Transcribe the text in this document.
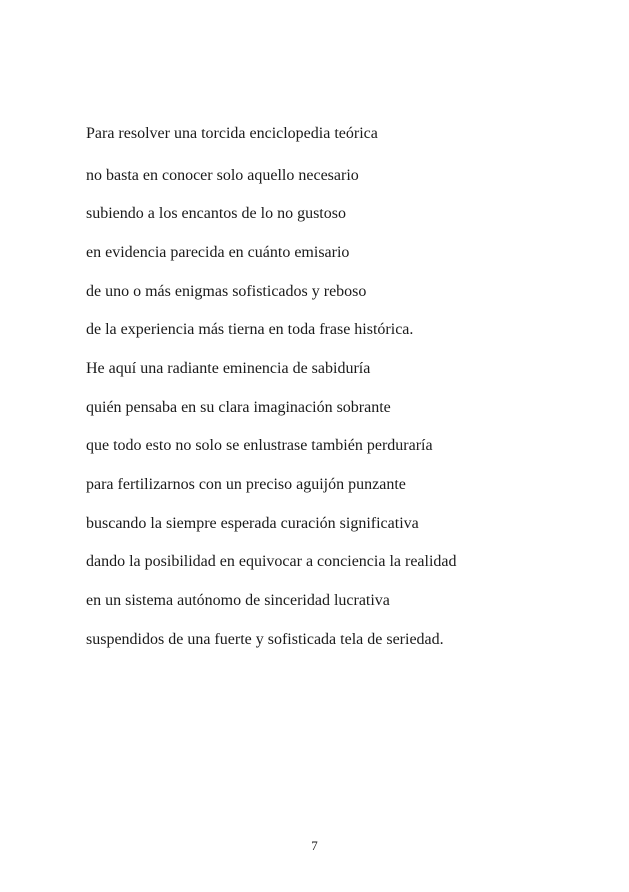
Para resolver una torcida enciclopedia teórica
no basta en conocer solo aquello necesario
subiendo a los encantos de lo no gustoso
en evidencia parecida en cuánto emisario
de uno o más enigmas sofisticados y reboso
de la experiencia más tierna en toda frase histórica.
He aquí una radiante eminencia de sabiduría
quién pensaba en su clara imaginación sobrante
que todo esto no solo se enlustrase también perduraría
para fertilizarnos con un preciso aguijón punzante
buscando la siempre esperada curación significativa
dando la posibilidad en equivocar a conciencia la realidad
en un sistema autónomo de sinceridad lucrativa
suspendidos de una fuerte y sofisticada tela de seriedad.
7
